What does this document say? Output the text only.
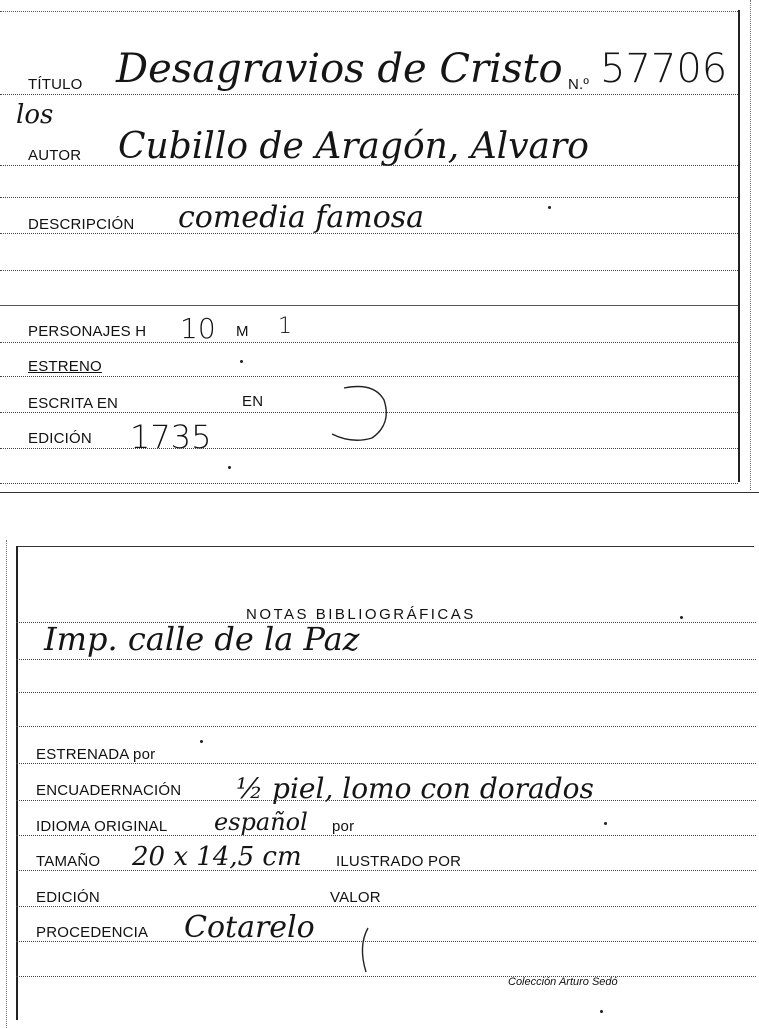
TÍTULO Desagravios de Cristo N.º 57706
los
AUTOR Cubillo de Aragón, Alvaro
DESCRIPCIÓN comedia famosa
PERSONAJES H 10 M 1
ESTRENO
ESCRITA EN	EN
EDICIÓN 1735
NOTAS BIBLIOGRÁFICAS
Imp. calle de la Paz
ESTRENADA por
ENCUADERNACIÓN ½ piel, lomo con dorados
IDIOMA ORIGINAL español por
TAMAÑO 20 x 14,5 cm ILUSTRADO POR
EDICIÓN	VALOR
PROCEDENCIA Cotarelo
Colección Arturo Sedó
